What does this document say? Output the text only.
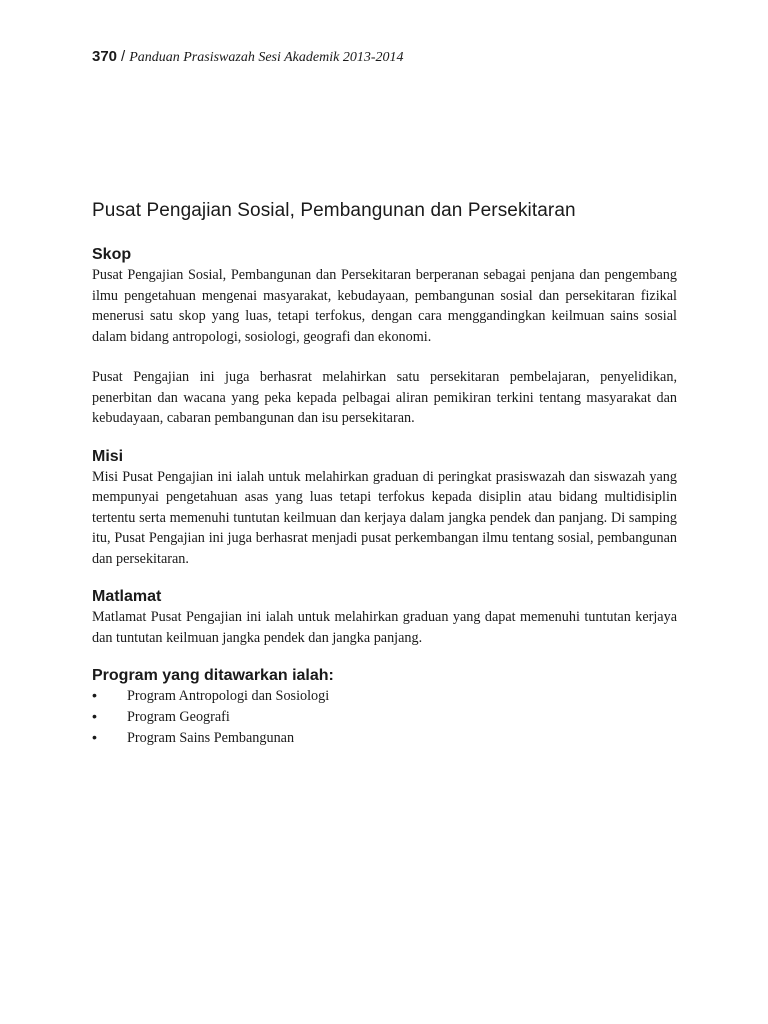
370 / Panduan Prasiswazah Sesi Akademik 2013-2014
Pusat Pengajian Sosial, Pembangunan dan Persekitaran
Skop

Pusat Pengajian Sosial, Pembangunan dan Persekitaran berperanan sebagai penjana dan pengembang ilmu pengetahuan mengenai masyarakat, kebudayaan, pembangunan sosial dan persekitaran fizikal menerusi satu skop yang luas, tetapi terfokus, dengan cara menggandingkan keilmuan sains sosial dalam bidang antropologi, sosiologi, geografi dan ekonomi.

Pusat Pengajian ini juga berhasrat melahirkan satu persekitaran pembelajaran, penyelidikan, penerbitan dan wacana yang peka kepada pelbagai aliran pemikiran terkini tentang masyarakat dan kebudayaan, cabaran pembangunan dan isu persekitaran.

Misi

Misi Pusat Pengajian ini ialah untuk melahirkan graduan di peringkat prasiswazah dan siswazah yang mempunyai pengetahuan asas yang luas tetapi terfokus kepada disiplin atau bidang multidisiplin tertentu serta memenuhi tuntutan keilmuan dan kerjaya dalam jangka pendek dan panjang. Di samping itu, Pusat Pengajian ini juga berhasrat menjadi pusat perkembangan ilmu tentang sosial, pembangunan dan persekitaran.

Matlamat

Matlamat Pusat Pengajian ini ialah untuk melahirkan graduan yang dapat memenuhi tuntutan kerjaya dan tuntutan keilmuan jangka pendek dan jangka panjang.

Program yang ditawarkan ialah:
• Program Antropologi dan Sosiologi
• Program Geografi
• Program Sains Pembangunan
